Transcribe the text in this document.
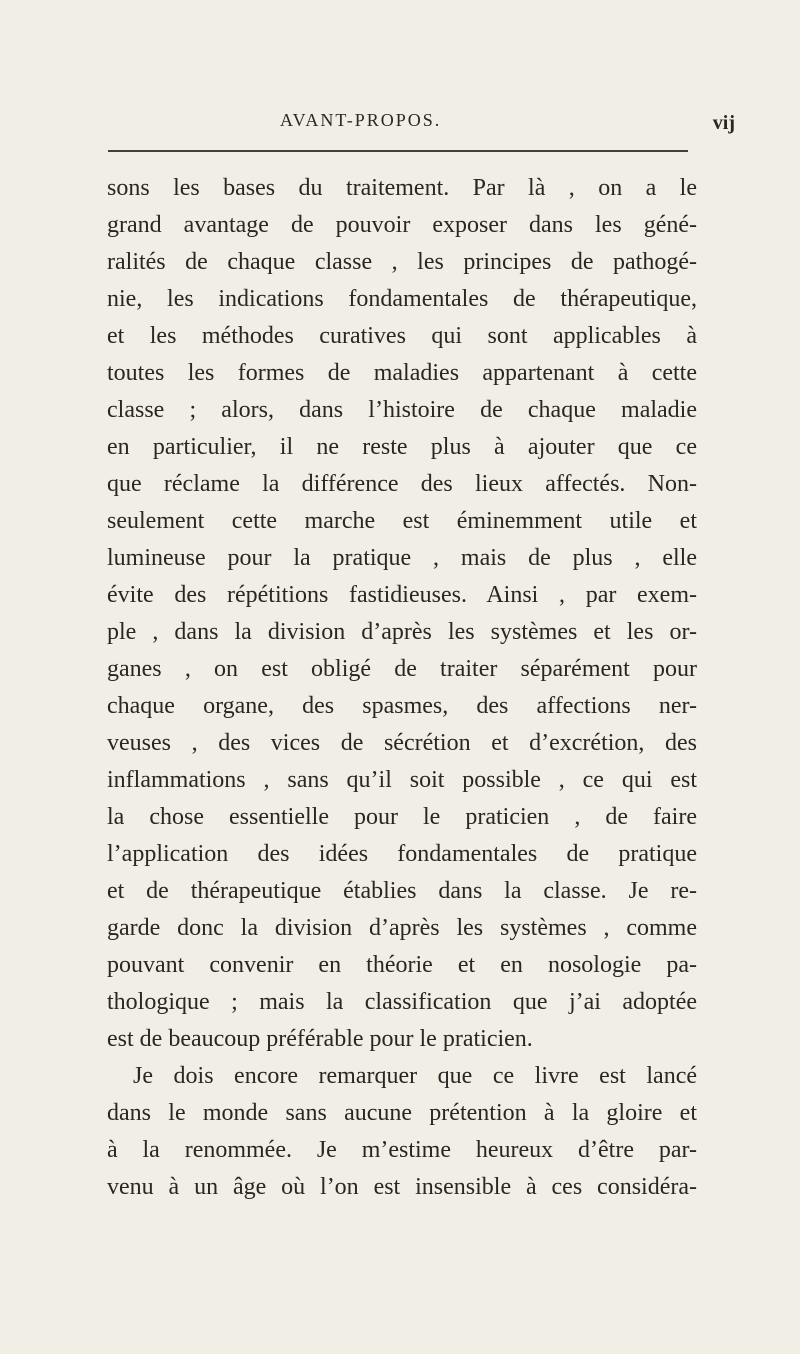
AVANT-PROPOS.	vij
sons les bases du traitement. Par là , on a le
grand avantage de pouvoir exposer dans les géné-
ralités de chaque classe , les principes de pathogé-
nie, les indications fondamentales de thérapeutique,
et les méthodes curatives qui sont applicables à
toutes les formes de maladies appartenant à cette
classe ; alors, dans l’histoire de chaque maladie
en particulier, il ne reste plus à ajouter que ce
que réclame la différence des lieux affectés. Non-
seulement cette marche est éminemment utile et
lumineuse pour la pratique , mais de plus , elle
évite des répétitions fastidieuses. Ainsi , par exem-
ple , dans la division d’après les systèmes et les or-
ganes , on est obligé de traiter séparément pour
chaque organe, des spasmes, des affections ner-
veuses , des vices de sécrétion et d’excrétion, des
inflammations , sans qu’il soit possible , ce qui est
la chose essentielle pour le praticien , de faire
l’application des idées fondamentales de pratique
et de thérapeutique établies dans la classe. Je re-
garde donc la division d’après les systèmes , comme
pouvant convenir en théorie et en nosologie pa-
thologique ; mais la classification que j’ai adoptée
est de beaucoup préférable pour le praticien.
Je dois encore remarquer que ce livre est lancé
dans le monde sans aucune prétention à la gloire et
à la renommée. Je m’estime heureux d’être par-
venu à un âge où l’on est insensible à ces considéra-
